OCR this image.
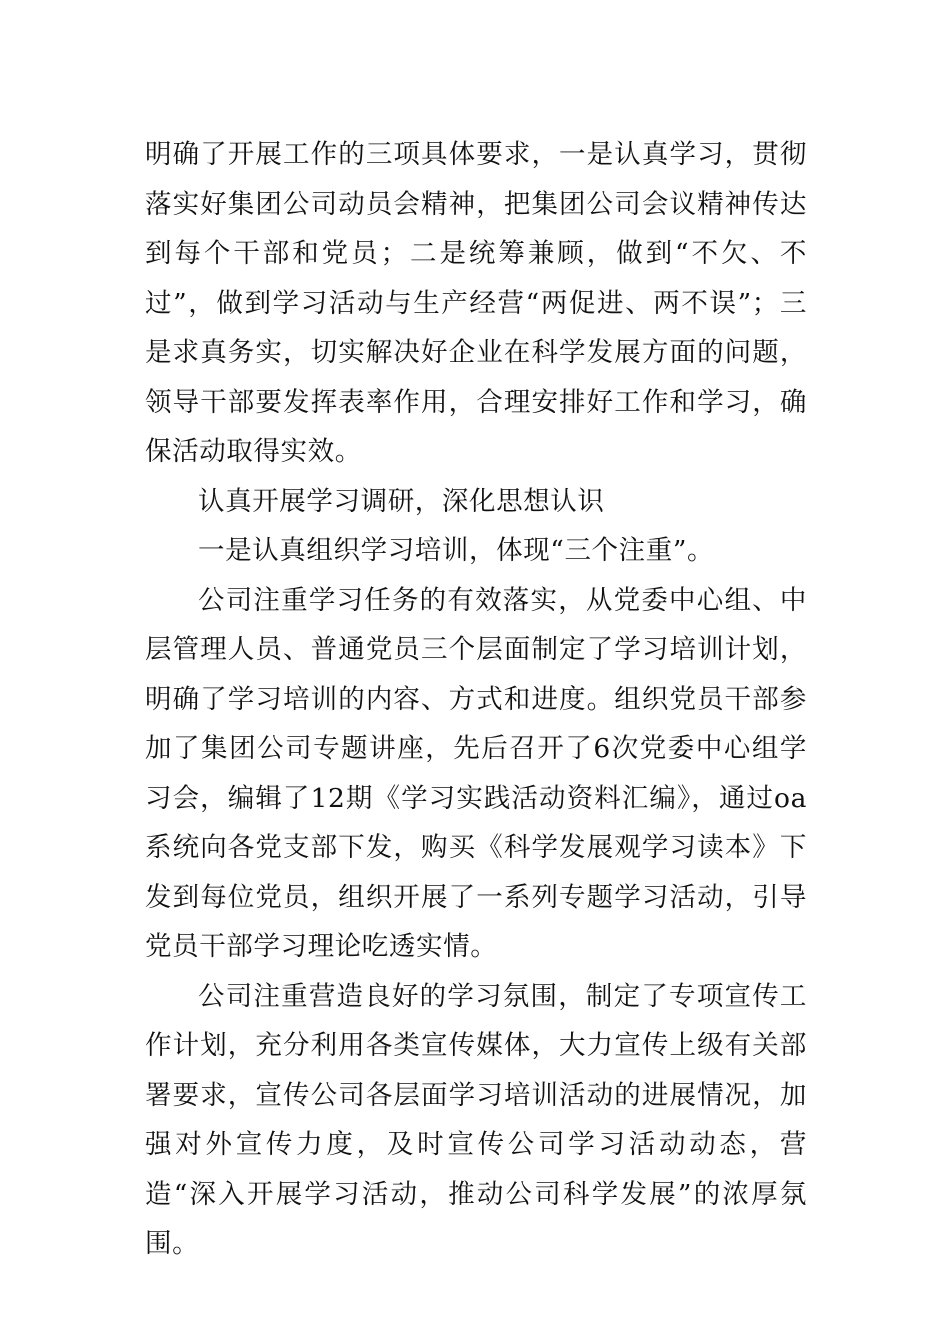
明确了开展工作的三项具体要求，一是认真学习，贯彻落实好集团公司动员会精神，把集团公司会议精神传达到每个干部和党员；二是统筹兼顾，做到“不欠、不过”，做到学习活动与生产经营“两促进、两不误”；三是求真务实，切实解决好企业在科学发展方面的问题，领导干部要发挥表率作用，合理安排好工作和学习，确保活动取得实效。

认真开展学习调研，深化思想认识

一是认真组织学习培训，体现“三个注重”。

公司注重学习任务的有效落实，从党委中心组、中层管理人员、普通党员三个层面制定了学习培训计划，明确了学习培训的内容、方式和进度。组织党员干部参加了集团公司专题讲座，先后召开了6次党委中心组学习会，编辑了12期《学习实践活动资料汇编》，通过oa系统向各党支部下发，购买《科学发展观学习读本》下发到每位党员，组织开展了一系列专题学习活动，引导党员干部学习理论吃透实情。

公司注重营造良好的学习氛围，制定了专项宣传工作计划，充分利用各类宣传媒体，大力宣传上级有关部署要求，宣传公司各层面学习培训活动的进展情况，加强对外宣传力度，及时宣传公司学习活动动态，营造“深入开展学习活动，推动公司科学发展”的浓厚氛围。
